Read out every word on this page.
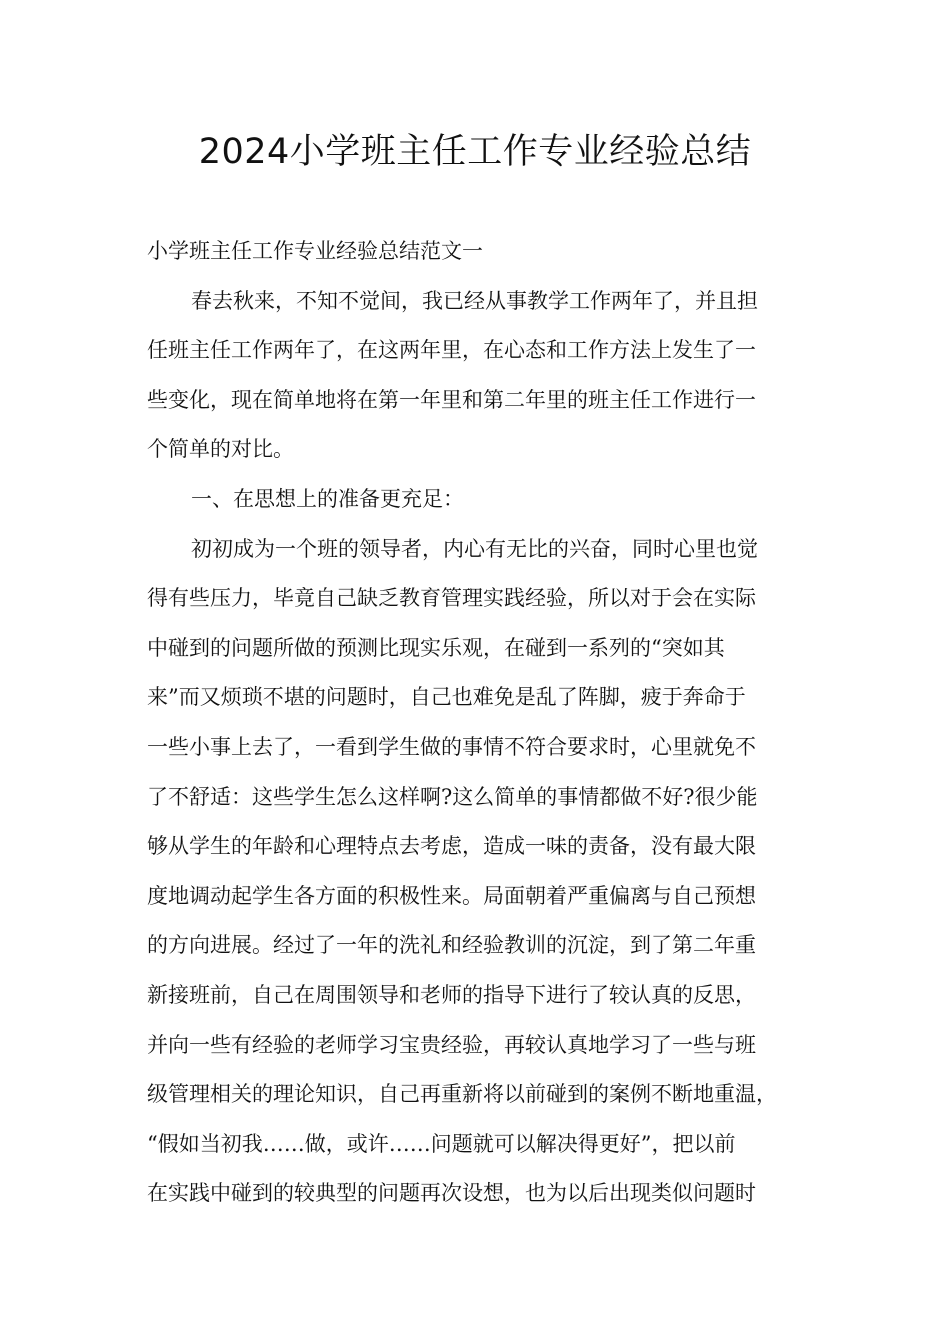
2024小学班主任工作专业经验总结
小学班主任工作专业经验总结范文一
春去秋来，不知不觉间，我已经从事教学工作两年了，并且担
任班主任工作两年了，在这两年里，在心态和工作方法上发生了一
些变化，现在简单地将在第一年里和第二年里的班主任工作进行一
个简单的对比。
一、在思想上的准备更充足：
初初成为一个班的领导者，内心有无比的兴奋，同时心里也觉
得有些压力，毕竟自己缺乏教育管理实践经验，所以对于会在实际
中碰到的问题所做的预测比现实乐观，在碰到一系列的“突如其
来”而又烦琐不堪的问题时，自己也难免是乱了阵脚，疲于奔命于
一些小事上去了，一看到学生做的事情不符合要求时，心里就免不
了不舒适：这些学生怎么这样啊?这么简单的事情都做不好?很少能
够从学生的年龄和心理特点去考虑，造成一味的责备，没有最大限
度地调动起学生各方面的积极性来。局面朝着严重偏离与自己预想
的方向进展。经过了一年的洗礼和经验教训的沉淀，到了第二年重
新接班前，自己在周围领导和老师的指导下进行了较认真的反思，
并向一些有经验的老师学习宝贵经验，再较认真地学习了一些与班
级管理相关的理论知识，自己再重新将以前碰到的案例不断地重温，
“假如当初我……做，或许……问题就可以解决得更好”，把以前
在实践中碰到的较典型的问题再次设想，也为以后出现类似问题时
